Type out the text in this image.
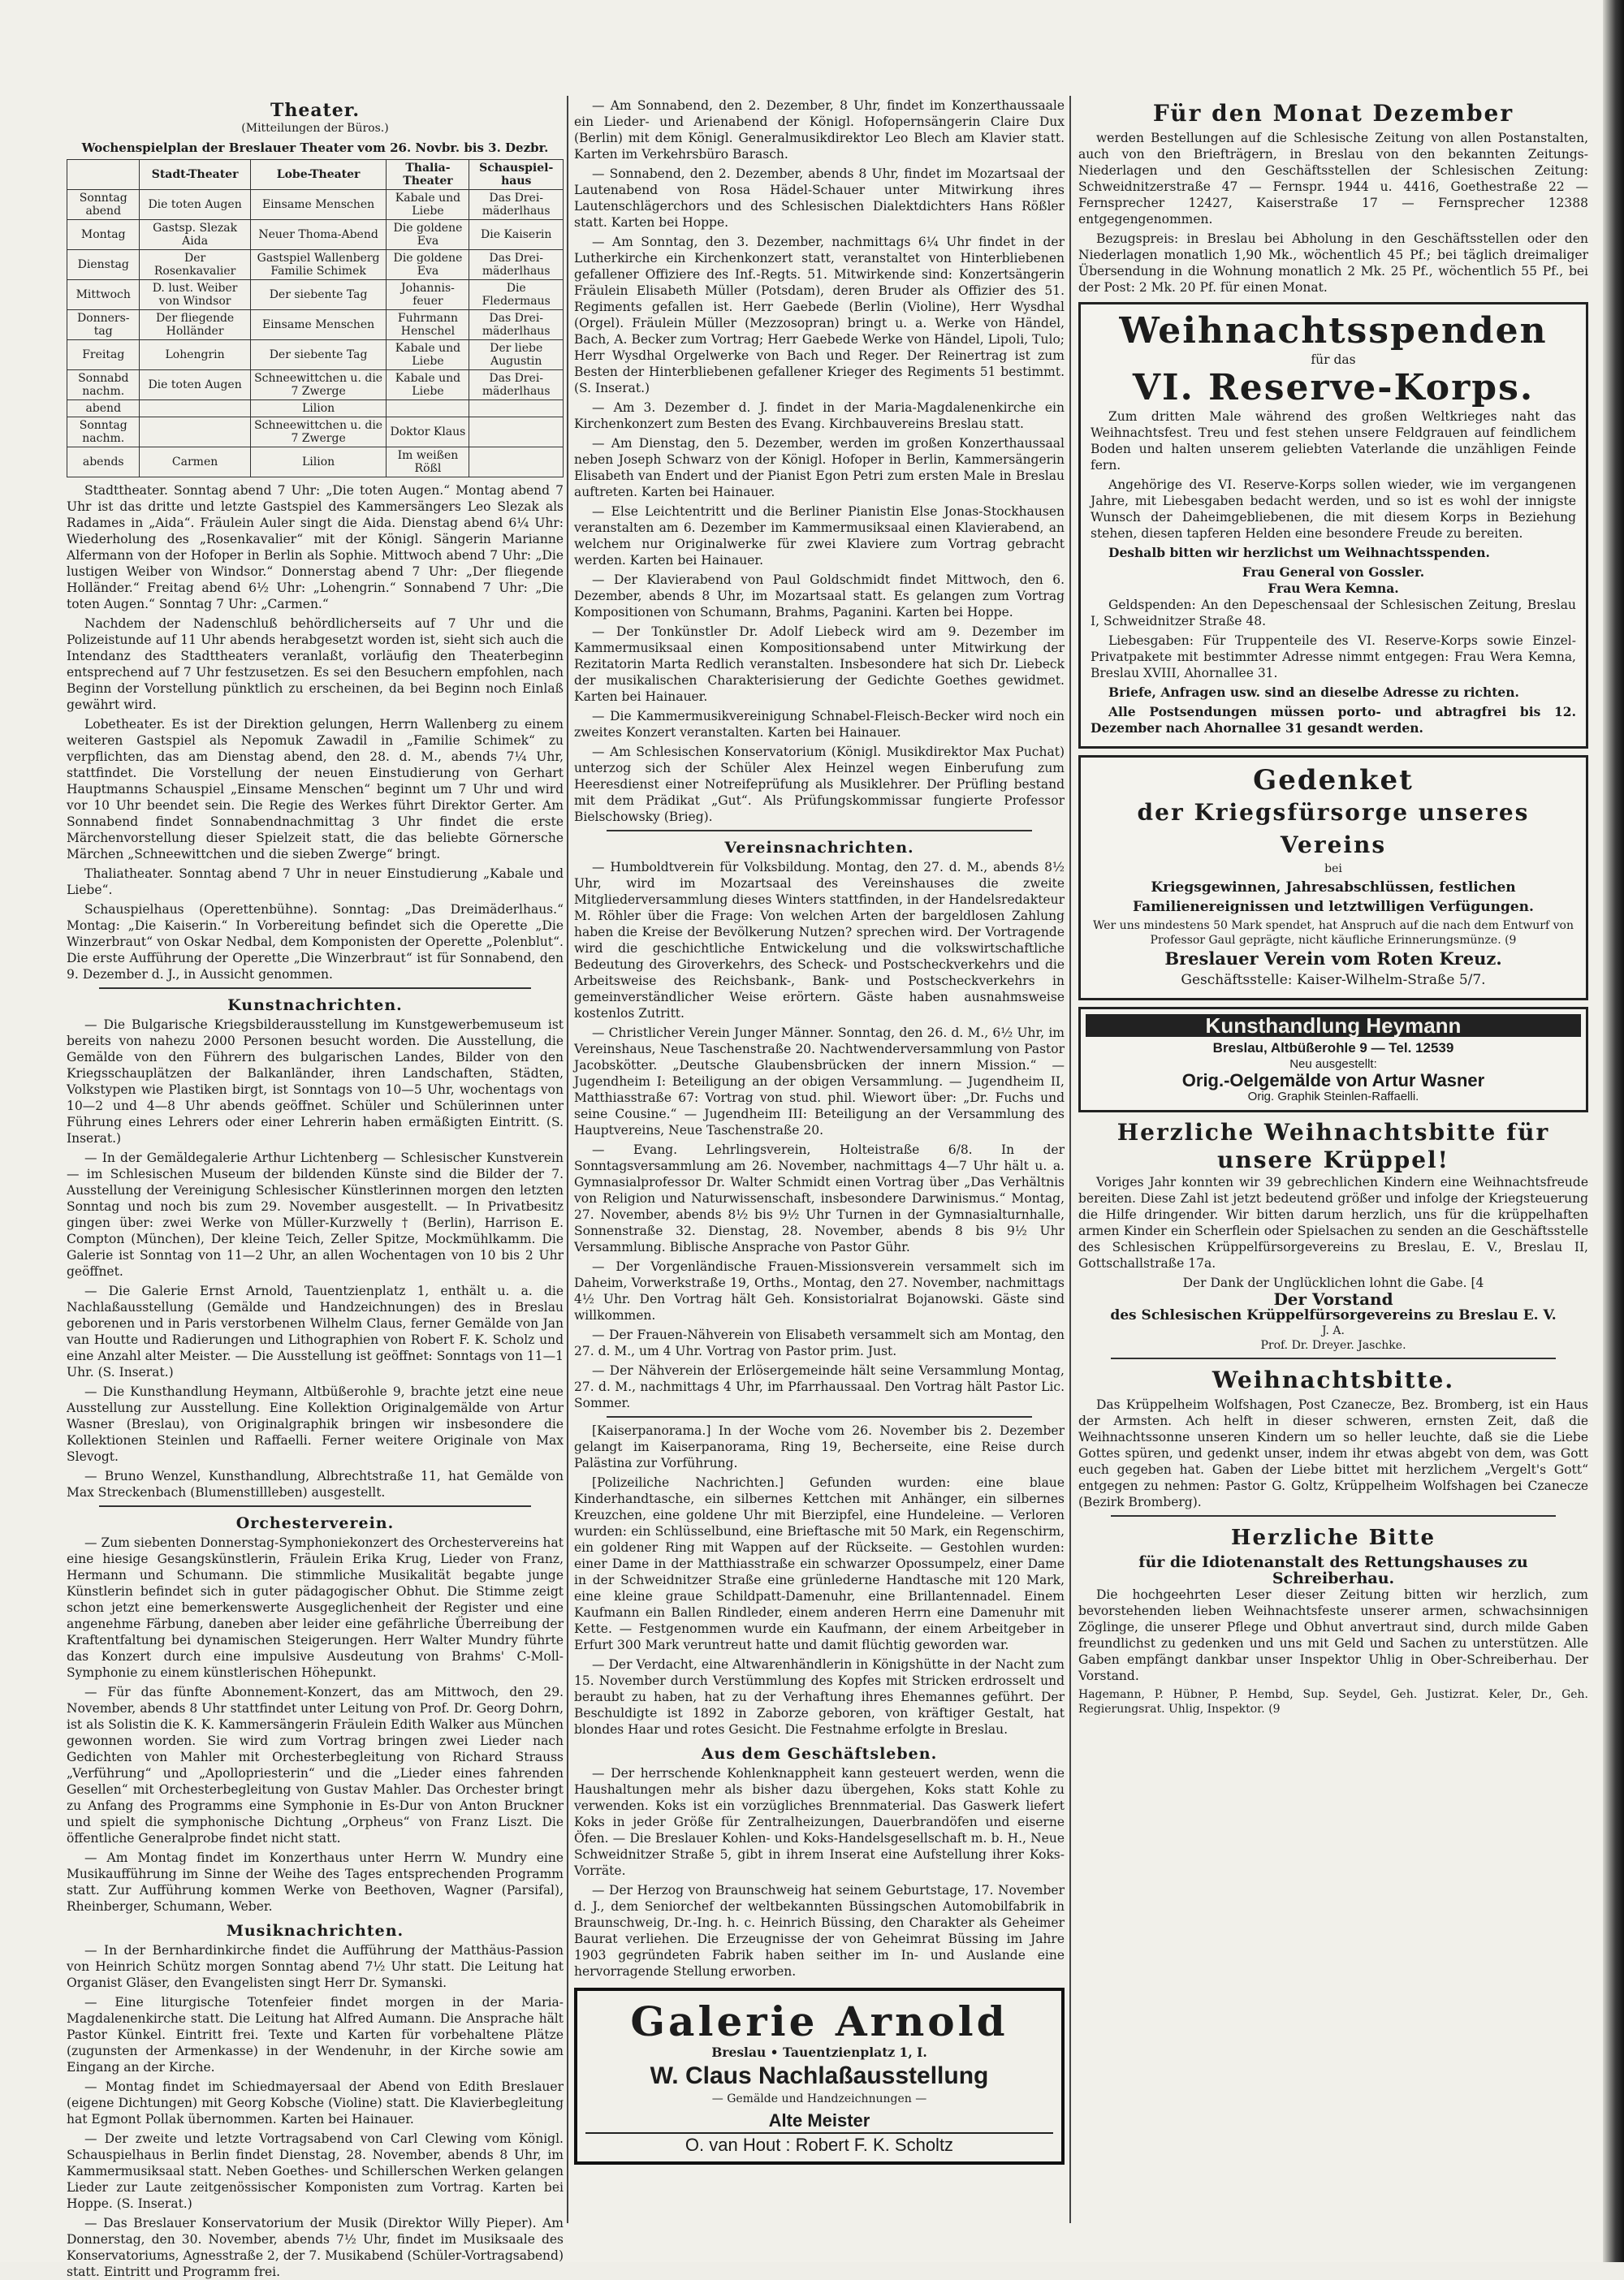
Theater.
(Mitteilungen der Büros.)
Wochenspielplan der Breslauer Theater vom 26. Novbr. bis 3. Dezbr.
	Stadt-Theater	Lobe-Theater	Thalia-Theater	Schauspiel-haus
Sonntag abend	Die toten Augen	Einsame Menschen	Kabale und Liebe	Das Drei-mäderlhaus
Montag	Gastsp. Slezak Aida	Neuer Thoma-Abend	Die goldene Eva	Die Kaiserin
Dienstag	Der Rosenkavalier	Gastspiel Wallenberg Familie Schimek	Die goldene Eva	Das Drei-mäderlhaus
Mittwoch	D. lust. Weiber von Windsor	Der siebente Tag	Johannis-feuer	Die Fledermaus
Donners-tag	Der fliegende Holländer	Einsame Menschen	Fuhrmann Henschel	Das Drei-mäderlhaus
Freitag	Lohengrin	Der siebente Tag	Kabale und Liebe	Der liebe Augustin
Sonnabd nachm.	Die toten Augen	Schneewittchen u. die 7 Zwerge	Kabale und Liebe	Das Drei-mäderlhaus
abend		Lilion		
Sonntag nachm.		Schneewittchen u. die 7 Zwerge	Doktor Klaus	
abends	Carmen	Lilion	Im weißen Rößl	

Stadttheater. Sonntag abend 7 Uhr: „Die toten Augen.“ Montag abend 7 Uhr ist das dritte und letzte Gastspiel des Kammersängers Leo Slezak als Radames in „Aida“. Fräulein Auler singt die Aida. Dienstag abend 6¼ Uhr: Wiederholung des „Rosenkavalier“ mit der Königl. Sängerin Marianne Alfermann von der Hofoper in Berlin als Sophie. Mittwoch abend 7 Uhr: „Die lustigen Weiber von Windsor.“ Donnerstag abend 7 Uhr: „Der fliegende Holländer.“ Freitag abend 6½ Uhr: „Lohengrin.“ Sonnabend 7 Uhr: „Die toten Augen.“ Sonntag 7 Uhr: „Carmen.“

Nachdem der Nadenschluß behördlicherseits auf 7 Uhr und die Polizeistunde auf 11 Uhr abends herabgesetzt worden ist, sieht sich auch die Intendanz des Stadttheaters veranlaßt, vorläufig den Theaterbeginn entsprechend auf 7 Uhr festzusetzen. Es sei den Besuchern empfohlen, nach Beginn der Vorstellung pünktlich zu erscheinen, da bei Beginn noch Einlaß gewährt wird.

Lobetheater. Es ist der Direktion gelungen, Herrn Wallenberg zu einem weiteren Gastspiel als Nepomuk Zawadil in „Familie Schimek“ zu verpflichten, das am Dienstag abend, den 28. d. M., abends 7¼ Uhr, stattfindet. Die Vorstellung der neuen Einstudierung von Gerhart Hauptmanns Schauspiel „Einsame Menschen“ beginnt um 7 Uhr und wird vor 10 Uhr beendet sein. Die Regie des Werkes führt Direktor Gerter. Am Sonnabend findet Sonnabendnachmittag 3 Uhr findet die erste Märchenvorstellung dieser Spielzeit statt, die das beliebte Görnersche Märchen „Schneewittchen und die sieben Zwerge“ bringt.

Thaliatheater. Sonntag abend 7 Uhr in neuer Einstudierung „Kabale und Liebe“.

Schauspielhaus (Operettenbühne). Sonntag: „Das Dreimäderlhaus.“ Montag: „Die Kaiserin.“ In Vorbereitung befindet sich die Operette „Die Winzerbraut“ von Oskar Nedbal, dem Komponisten der Operette „Polenblut“. Die erste Aufführung der Operette „Die Winzerbraut“ ist für Sonnabend, den 9. Dezember d. J., in Aussicht genommen.

Kunstnachrichten.

— Die Bulgarische Kriegsbilderausstellung im Kunstgewerbemuseum ist bereits von nahezu 2000 Personen besucht worden. Die Ausstellung, die Gemälde von den Führern des bulgarischen Landes, Bilder von den Kriegsschauplätzen der Balkanländer, ihren Landschaften, Städten, Volkstypen wie Plastiken birgt, ist Sonntags von 10—5 Uhr, wochentags von 10—2 und 4—8 Uhr abends geöffnet. Schüler und Schülerinnen unter Führung eines Lehrers oder einer Lehrerin haben ermäßigten Eintritt. (S. Inserat.)

— In der Gemäldegalerie Arthur Lichtenberg — Schlesischer Kunstverein — im Schlesischen Museum der bildenden Künste sind die Bilder der 7. Ausstellung der Vereinigung Schlesischer Künstlerinnen morgen den letzten Sonntag und noch bis zum 29. November ausgestellt. — In Privatbesitz gingen über: zwei Werke von Müller-Kurzwelly † (Berlin), Harrison E. Compton (München), Der kleine Teich, Zeller Spitze, Mockmühlkamm. Die Galerie ist Sonntag von 11—2 Uhr, an allen Wochentagen von 10 bis 2 Uhr geöffnet.

— Die Galerie Ernst Arnold, Tauentzienplatz 1, enthält u. a. die Nachlaßausstellung (Gemälde und Handzeichnungen) des in Breslau geborenen und in Paris verstorbenen Wilhelm Claus, ferner Gemälde von Jan van Houtte und Radierungen und Lithographien von Robert F. K. Scholz und eine Anzahl alter Meister. — Die Ausstellung ist geöffnet: Sonntags von 11—1 Uhr. (S. Inserat.)

— Die Kunsthandlung Heymann, Altbüßerohle 9, brachte jetzt eine neue Ausstellung zur Ausstellung. Eine Kollektion Originalgemälde von Artur Wasner (Breslau), von Originalgraphik bringen wir insbesondere die Kollektionen Steinlen und Raffaelli. Ferner weitere Originale von Max Slevogt.

— Bruno Wenzel, Kunsthandlung, Albrechtstraße 11, hat Gemälde von Max Streckenbach (Blumenstillleben) ausgestellt.

Orchesterverein.

— Zum siebenten Donnerstag-Symphoniekonzert des Orchestervereins hat eine hiesige Gesangskünstlerin, Fräulein Erika Krug, Lieder von Franz, Hermann und Schumann. Die stimmliche Musikalität begabte junge Künstlerin befindet sich in guter pädagogischer Obhut. Die Stimme zeigt schon jetzt eine bemerkenswerte Ausgeglichenheit der Register und eine angenehme Färbung, daneben aber leider eine gefährliche Überreibung der Kraftentfaltung bei dynamischen Steigerungen. Herr Walter Mundry führte das Konzert durch eine impulsive Ausdeutung von Brahms' C-Moll-Symphonie zu einem künstlerischen Höhepunkt.

— Für das fünfte Abonnement-Konzert, das am Mittwoch, den 29. November, abends 8 Uhr stattfindet unter Leitung von Prof. Dr. Georg Dohrn, ist als Solistin die K. K. Kammersängerin Fräulein Edith Walker aus München gewonnen worden. Sie wird zum Vortrag bringen zwei Lieder nach Gedichten von Mahler mit Orchesterbegleitung von Richard Strauss „Verführung“ und „Apollopriesterin“ und die „Lieder eines fahrenden Gesellen“ mit Orchesterbegleitung von Gustav Mahler. Das Orchester bringt zu Anfang des Programms eine Symphonie in Es-Dur von Anton Bruckner und spielt die symphonische Dichtung „Orpheus“ von Franz Liszt. Die öffentliche Generalprobe findet nicht statt.

— Am Montag findet im Konzerthaus unter Herrn W. Mundry eine Musikaufführung im Sinne der Weihe des Tages entsprechenden Programm statt. Zur Aufführung kommen Werke von Beethoven, Wagner (Parsifal), Rheinberger, Schumann, Weber.

Musiknachrichten.

— In der Bernhardinkirche findet die Aufführung der Matthäus-Passion von Heinrich Schütz morgen Sonntag abend 7½ Uhr statt. Die Leitung hat Organist Gläser, den Evangelisten singt Herr Dr. Symanski.

— Eine liturgische Totenfeier findet morgen in der Maria-Magdalenenkirche statt. Die Leitung hat Alfred Aumann. Die Ansprache hält Pastor Künkel. Eintritt frei. Texte und Karten für vorbehaltene Plätze (zugunsten der Armenkasse) in der Wendenuhr, in der Kirche sowie am Eingang an der Kirche.

— Montag findet im Schiedmayersaal der Abend von Edith Breslauer (eigene Dichtungen) mit Georg Kobsche (Violine) statt. Die Klavierbegleitung hat Egmont Pollak übernommen. Karten bei Hainauer.

— Der zweite und letzte Vortragsabend von Carl Clewing vom Königl. Schauspielhaus in Berlin findet Dienstag, 28. November, abends 8 Uhr, im Kammermusiksaal statt. Neben Goethes- und Schillerschen Werken gelangen Lieder zur Laute zeitgenössischer Komponisten zum Vortrag. Karten bei Hoppe. (S. Inserat.)

— Das Breslauer Konservatorium der Musik (Direktor Willy Pieper). Am Donnerstag, den 30. November, abends 7½ Uhr, findet im Musiksaale des Konservatoriums, Agnesstraße 2, der 7. Musikabend (Schüler-Vortragsabend) statt. Eintritt und Programm frei.

— Am Sonnabend, den 2. Dezember, 8 Uhr, findet im Konzerthaussaale ein Lieder- und Arienabend der Königl. Hofopernsängerin Claire Dux (Berlin) mit dem Königl. Generalmusikdirektor Leo Blech am Klavier statt. Karten im Verkehrsbüro Barasch.

— Sonnabend, den 2. Dezember, abends 8 Uhr, findet im Mozartsaal der Lautenabend von Rosa Hädel-Schauer unter Mitwirkung ihres Lautenschlägerchors und des Schlesischen Dialektdichters Hans Rößler statt. Karten bei Hoppe.

— Am Sonntag, den 3. Dezember, nachmittags 6¼ Uhr findet in der Lutherkirche ein Kirchenkonzert statt, veranstaltet von Hinterbliebenen gefallener Offiziere des Inf.-Regts. 51. Mitwirkende sind: Konzertsängerin Fräulein Elisabeth Müller (Potsdam), deren Bruder als Offizier des 51. Regiments gefallen ist. Herr Gaebede (Berlin (Violine), Herr Wysdhal (Orgel). Fräulein Müller (Mezzosopran) bringt u. a. Werke von Händel, Bach, A. Becker zum Vortrag; Herr Gaebede Werke von Händel, Lipoli, Tulo; Herr Wysdhal Orgelwerke von Bach und Reger. Der Reinertrag ist zum Besten der Hinterbliebenen gefallener Krieger des Regiments 51 bestimmt. (S. Inserat.)

— Am 3. Dezember d. J. findet in der Maria-Magdalenenkirche ein Kirchenkonzert zum Besten des Evang. Kirchbauvereins Breslau statt.

— Am Dienstag, den 5. Dezember, werden im großen Konzerthaussaal neben Joseph Schwarz von der Königl. Hofoper in Berlin, Kammersängerin Elisabeth van Endert und der Pianist Egon Petri zum ersten Male in Breslau auftreten. Karten bei Hainauer.

— Else Leichtentritt und die Berliner Pianistin Else Jonas-Stockhausen veranstalten am 6. Dezember im Kammermusiksaal einen Klavierabend, an welchem nur Originalwerke für zwei Klaviere zum Vortrag gebracht werden. Karten bei Hainauer.

— Der Klavierabend von Paul Goldschmidt findet Mittwoch, den 6. Dezember, abends 8 Uhr, im Mozartsaal statt. Es gelangen zum Vortrag Kompositionen von Schumann, Brahms, Paganini. Karten bei Hoppe.

— Der Tonkünstler Dr. Adolf Liebeck wird am 9. Dezember im Kammermusiksaal einen Kompositionsabend unter Mitwirkung der Rezitatorin Marta Redlich veranstalten. Insbesondere hat sich Dr. Liebeck der musikalischen Charakterisierung der Gedichte Goethes gewidmet. Karten bei Hainauer.

— Die Kammermusikvereinigung Schnabel-Fleisch-Becker wird noch ein zweites Konzert veranstalten. Karten bei Hainauer.

— Am Schlesischen Konservatorium (Königl. Musikdirektor Max Puchat) unterzog sich der Schüler Alex Heinzel wegen Einberufung zum Heeresdienst einer Notreifeprüfung als Musiklehrer. Der Prüfling bestand mit dem Prädikat „Gut“. Als Prüfungskommissar fungierte Professor Bielschowsky (Brieg).

Vereinsnachrichten.

— Humboldtverein für Volksbildung. Montag, den 27. d. M., abends 8½ Uhr, wird im Mozartsaal des Vereinshauses die zweite Mitgliederversammlung dieses Winters stattfinden, in der Handelsredakteur M. Röhler über die Frage: Von welchen Arten der bargeldlosen Zahlung haben die Kreise der Bevölkerung Nutzen? sprechen wird. Der Vortragende wird die geschichtliche Entwickelung und die volkswirtschaftliche Bedeutung des Giroverkehrs, des Scheck- und Postscheckverkehrs und die Arbeitsweise des Reichsbank-, Bank- und Postscheckverkehrs in gemeinverständlicher Weise erörtern. Gäste haben ausnahmsweise kostenlos Zutritt.

— Christlicher Verein Junger Männer. Sonntag, den 26. d. M., 6½ Uhr, im Vereinshaus, Neue Taschenstraße 20. Nachtwenderversammlung von Pastor Jacobskötter. „Deutsche Glaubensbrücken der innern Mission.“ — Jugendheim I: Beteiligung an der obigen Versammlung. — Jugendheim II, Matthiasstraße 67: Vortrag von stud. phil. Wiewort über: „Dr. Fuchs und seine Cousine.“ — Jugendheim III: Beteiligung an der Versammlung des Hauptvereins, Neue Taschenstraße 20.

— Evang. Lehrlingsverein, Holteistraße 6/8. In der Sonntagsversammlung am 26. November, nachmittags 4—7 Uhr hält u. a. Gymnasialprofessor Dr. Walter Schmidt einen Vortrag über „Das Verhältnis von Religion und Naturwissenschaft, insbesondere Darwinismus.“ Montag, 27. November, abends 8½ bis 9½ Uhr Turnen in der Gymnasialturnhalle, Sonnenstraße 32. Dienstag, 28. November, abends 8 bis 9½ Uhr Versammlung. Biblische Ansprache von Pastor Gühr.

— Der Vorgenländische Frauen-Missionsverein versammelt sich im Daheim, Vorwerkstraße 19, Orths., Montag, den 27. November, nachmittags 4½ Uhr. Den Vortrag hält Geh. Konsistorialrat Bojanowski. Gäste sind willkommen.

— Der Frauen-Nähverein von Elisabeth versammelt sich am Montag, den 27. d. M., um 4 Uhr. Vortrag von Pastor prim. Just.

— Der Nähverein der Erlösergemeinde hält seine Versammlung Montag, 27. d. M., nachmittags 4 Uhr, im Pfarrhaussaal. Den Vortrag hält Pastor Lic. Sommer.

[Kaiserpanorama.] In der Woche vom 26. November bis 2. Dezember gelangt im Kaiserpanorama, Ring 19, Becherseite, eine Reise durch Palästina zur Vorführung.

[Polizeiliche Nachrichten.] Gefunden wurden: eine blaue Kinderhandtasche, ein silbernes Kettchen mit Anhänger, ein silbernes Kreuzchen, eine goldene Uhr mit Bierzipfel, eine Hundeleine. — Verloren wurden: ein Schlüsselbund, eine Brieftasche mit 50 Mark, ein Regenschirm, ein goldener Ring mit Wappen auf der Rückseite. — Gestohlen wurden: einer Dame in der Matthiasstraße ein schwarzer Opossumpelz, einer Dame in der Schweidnitzer Straße eine grünlederne Handtasche mit 120 Mark, eine kleine graue Schildpatt-Damenuhr, eine Brillantennadel. Einem Kaufmann ein Ballen Rindleder, einem anderen Herrn eine Damenuhr mit Kette. — Festgenommen wurde ein Kaufmann, der einem Arbeitgeber in Erfurt 300 Mark veruntreut hatte und damit flüchtig geworden war.

— Der Verdacht, eine Altwarenhändlerin in Königshütte in der Nacht zum 15. November durch Verstümmlung des Kopfes mit Stricken erdrosselt und beraubt zu haben, hat zu der Verhaftung ihres Ehemannes geführt. Der Beschuldigte ist 1892 in Zaborze geboren, von kräftiger Gestalt, hat blondes Haar und rotes Gesicht. Die Festnahme erfolgte in Breslau.

Aus dem Geschäftsleben.

— Der herrschende Kohlenknappheit kann gesteuert werden, wenn die Haushaltungen mehr als bisher dazu übergehen, Koks statt Kohle zu verwenden. Koks ist ein vorzügliches Brennmaterial. Das Gaswerk liefert Koks in jeder Größe für Zentralheizungen, Dauerbrandöfen und eiserne Öfen. — Die Breslauer Kohlen- und Koks-Handelsgesellschaft m. b. H., Neue Schweidnitzer Straße 5, gibt in ihrem Inserat eine Aufstellung ihrer Koks-Vorräte.

— Der Herzog von Braunschweig hat seinem Geburtstage, 17. November d. J., dem Seniorchef der weltbekannten Büssingschen Automobilfabrik in Braunschweig, Dr.-Ing. h. c. Heinrich Büssing, den Charakter als Geheimer Baurat verliehen. Die Erzeugnisse der von Geheimrat Büssing im Jahre 1903 gegründeten Fabrik haben seither im In- und Auslande eine hervorragende Stellung erworben.

Galerie Arnold
Breslau • Tauentzienplatz 1, I.
W. Claus Nachlaßausstellung
— Gemälde und Handzeichnungen —
Alte Meister
O. van Hout : Robert F. K. Scholtz
Für den Monat Dezember

werden Bestellungen auf die Schlesische Zeitung von allen Postanstalten, auch von den Briefträgern, in Breslau von den bekannten Zeitungs-Niederlagen und den Geschäftsstellen der Schlesischen Zeitung: Schweidnitzerstraße 47 — Fernspr. 1944 u. 4416, Goethestraße 22 — Fernsprecher 12427, Kaiserstraße 17 — Fernsprecher 12388 entgegengenommen.

Bezugspreis: in Breslau bei Abholung in den Geschäftsstellen oder den Niederlagen monatlich 1,90 Mk., wöchentlich 45 Pf.; bei täglich dreimaliger Übersendung in die Wohnung monatlich 2 Mk. 25 Pf., wöchentlich 55 Pf., bei der Post: 2 Mk. 20 Pf. für einen Monat.

Weihnachtsspenden
für das
VI. Reserve-Korps.

Zum dritten Male während des großen Weltkrieges naht das Weihnachtsfest. Treu und fest stehen unsere Feldgrauen auf feindlichem Boden und halten unserem geliebten Vaterlande die unzähligen Feinde fern.

Angehörige des VI. Reserve-Korps sollen wieder, wie im vergangenen Jahre, mit Liebesgaben bedacht werden, und so ist es wohl der innigste Wunsch der Daheimgebliebenen, die mit diesem Korps in Beziehung stehen, diesen tapferen Helden eine besondere Freude zu bereiten.

Deshalb bitten wir herzlichst um Weihnachtsspenden.

Frau General von Gossler.
Frau Wera Kemna.

Geldspenden: An den Depeschensaal der Schlesischen Zeitung, Breslau I, Schweidnitzer Straße 48.

Liebesgaben: Für Truppenteile des VI. Reserve-Korps sowie Einzel-Privatpakete mit bestimmter Adresse nimmt entgegen: Frau Wera Kemna, Breslau XVIII, Ahornallee 31.

Briefe, Anfragen usw. sind an dieselbe Adresse zu richten.

Alle Postsendungen müssen porto- und abtragfrei bis 12. Dezember nach Ahornallee 31 gesandt werden.

Gedenket
der Kriegsfürsorge unseres Vereins
bei
Kriegsgewinnen, Jahresabschlüssen, festlichen Familienereignissen und letztwilligen Verfügungen.
Wer uns mindestens 50 Mark spendet, hat Anspruch auf die nach dem Entwurf von Professor Gaul geprägte, nicht käufliche Erinnerungsmünze. (9
Breslauer Verein vom Roten Kreuz.
Geschäftsstelle: Kaiser-Wilhelm-Straße 5/7.
Kunsthandlung Heymann
Breslau, Altbüßerohle 9 — Tel. 12539
Neu ausgestellt:
Orig.-Oelgemälde von Artur Wasner
Orig. Graphik Steinlen-Raffaelli.
Herzliche Weihnachtsbitte für unsere Krüppel!

Voriges Jahr konnten wir 39 gebrechlichen Kindern eine Weihnachtsfreude bereiten. Diese Zahl ist jetzt bedeutend größer und infolge der Kriegsteuerung die Hilfe dringender. Wir bitten darum herzlich, uns für die krüppelhaften armen Kinder ein Scherflein oder Spielsachen zu senden an die Geschäftsstelle des Schlesischen Krüppelfürsorgevereins zu Breslau, E. V., Breslau II, Gottschallstraße 17a.

Der Dank der Unglücklichen lohnt die Gabe. [4
Der Vorstand
des Schlesischen Krüppelfürsorgevereins zu Breslau E. V.
J. A.
Prof. Dr. Dreyer. Jaschke.
Weihnachtsbitte.

Das Krüppelheim Wolfshagen, Post Czanecze, Bez. Bromberg, ist ein Haus der Armsten. Ach helft in dieser schweren, ernsten Zeit, daß die Weihnachtssonne unseren Kindern um so heller leuchte, daß sie die Liebe Gottes spüren, und gedenkt unser, indem ihr etwas abgebt von dem, was Gott euch gegeben hat. Gaben der Liebe bittet mit herzlichem „Vergelt's Gott“ entgegen zu nehmen: Pastor G. Goltz, Krüppelheim Wolfshagen bei Czanecze (Bezirk Bromberg).

Herzliche Bitte
für die Idiotenanstalt des Rettungshauses zu Schreiberhau.

Die hochgeehrten Leser dieser Zeitung bitten wir herzlich, zum bevorstehenden lieben Weihnachtsfeste unserer armen, schwachsinnigen Zöglinge, die unserer Pflege und Obhut anvertraut sind, durch milde Gaben freundlichst zu gedenken und uns mit Geld und Sachen zu unterstützen. Alle Gaben empfängt dankbar unser Inspektor Uhlig in Ober-Schreiberhau. Der Vorstand.

Hagemann, P. Hübner, P. Hembd, Sup. Seydel, Geh. Justizrat. Keler, Dr., Geh. Regierungsrat. Uhlig, Inspektor. (9
